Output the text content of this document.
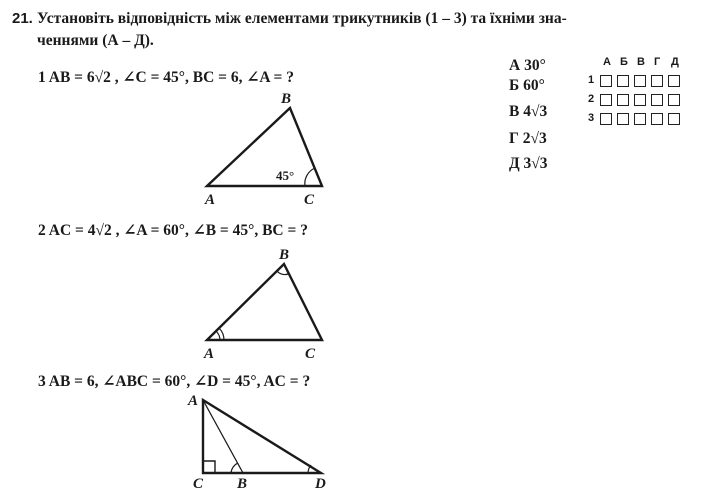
21. Установіть відповідність між елементами трикутників (1 – 3) та їхніми зна-
ченнями (А – Д).
1 AB = 6√2 , ∠C = 45°, BC = 6, ∠A = ?
B
A	C
45°
B
A	C
A
C B	D
2 AC = 4√2 , ∠A = 60°, ∠B = 45°, BC = ?
3 AB = 6, ∠ABC = 60°, ∠D = 45°, AC = ?
А 30°
Б 60°
В 4√3
Г 2√3
Д 3√3
А Б В Г Д
1
2
3
